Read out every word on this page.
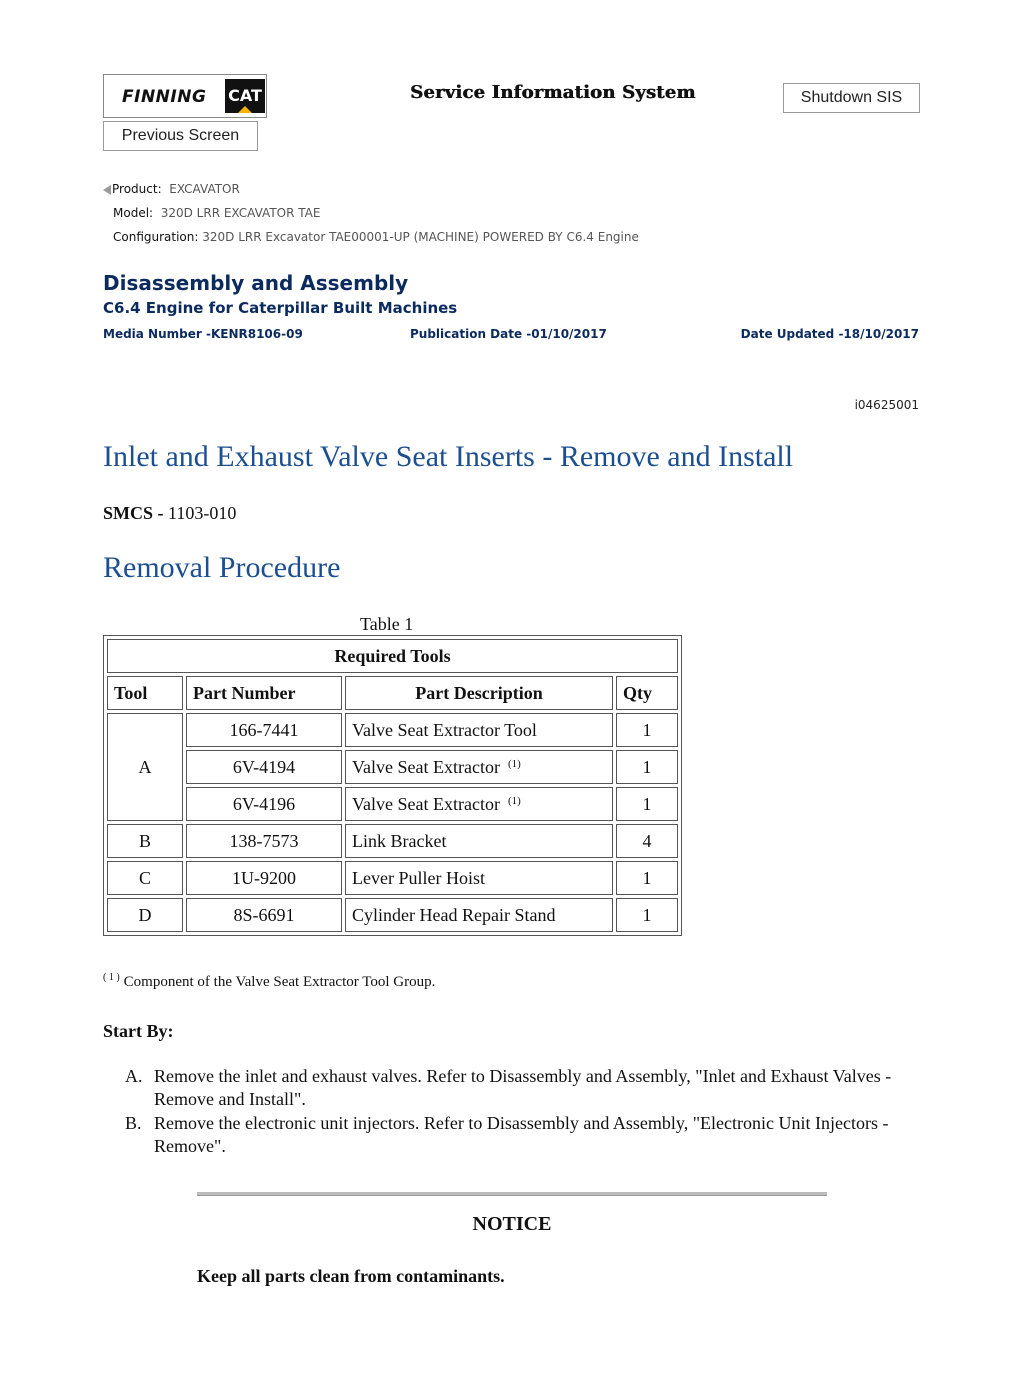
FINNING CAT	Service Information System	Shutdown SIS
Previous Screen
Product: EXCAVATOR
Model: 320D LRR EXCAVATOR TAE
Configuration: 320D LRR Excavator TAE00001-UP (MACHINE) POWERED BY C6.4 Engine
Disassembly and Assembly
C6.4 Engine for Caterpillar Built Machines
Media Number -KENR8106-09	Publication Date -01/10/2017	Date Updated -18/10/2017
i04625001
Inlet and Exhaust Valve Seat Inserts - Remove and Install
SMCS - 1103-010
Removal Procedure
Table 1
Required Tools			
Tool	Part Number	Part Description	Qty
A	166-7441	Valve Seat Extractor Tool	1
	6V-4194	Valve Seat Extractor $^{(1)}$	1
	6V-4196	Valve Seat Extractor $^{(1)}$	1
B	138-7573	Link Bracket	4
C	1U-9200	Lever Puller Hoist	1
D	8S-6691	Cylinder Head Repair Stand	1
$^{( 1 )}$ Component of the Valve Seat Extractor Tool Group.
Start By:
A. Remove the inlet and exhaust valves. Refer to Disassembly and Assembly, "Inlet and Exhaust Valves - Remove and Install".
B. Remove the electronic unit injectors. Refer to Disassembly and Assembly, "Electronic Unit Injectors - Remove".
NOTICE
Keep all parts clean from contaminants.
